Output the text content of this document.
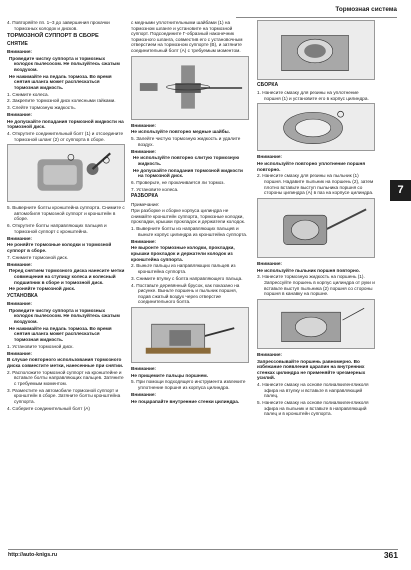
Тормозная система

4. Повторяйте пп. 1–3 до завершения прокачки тормозных колодок и дисков.

ТОРМОЗНОЙ СУППОРТ В СБОРЕ

СНЯТИЕ

Внимание:

Проведите чистку суппорта и тормозных колодок пылесосом. Не пользуйтесь сжатым воздухом.

Не нажимайте на педаль тормоза. Во время снятия шланга может расплескаться тормозная жидкость.

1. Снимите колеса.

2. Закрепите тормозной диск колесными гайками.

3. Слейте тормозную жидкость.

Внимание:

Не допускайте попадания тормозной жидкости на тормозной диск.

4. Открутите соединительный болт (1) и отсоедините тормозной шланг (2) от суппорта в сборе.

5. Выверните болты кронштейна суппорта. Снимите с автомобиля тормозной суппорт и кронштейн в сборе.

6. Открутите болты направляющих пальцев и тормозной суппорт с кронштейна.

Внимание:

Не роняйте тормозные колодки и тормозной суппорт в сборе.

7. Снимите тормозной диск.

Внимание:

Перед снятием тормозного диска нанесите метки совмещения на ступицу колеса и колесный подшипник в сборе и тормозной диск.

Не роняйте тормозной диск.

УСТАНОВКА

Внимание:

Проведите чистку суппорта и тормозных колодок пылесосом. Не пользуйтесь сжатым воздухом.

Не нажимайте на педаль тормоза. Во время снятия шланга может расплескаться тормозная жидкость.

1. Установите тормозной диск.

Внимание:

В случае повторного использования тормозного диска совместите метки, нанесенные при снятии.

2. Расположите тормозной суппорт на кронштейне и вставьте болты направляющих пальцев. Затяните с требуемым моментом.

3. Разместите на автомобиле тормозной суппорт и кронштейн в сборе. Затяните болты кронштейна суппорта.

4. Соберите соединительный болт (А)

с медными уплотнительными шайбами (1) на тормозном шланге и установите на тормозной суппорт. Подсоедините Г-образный наконечник тормозного шланга, совместив его с установочным отверстием на тормозном суппорте (В), и затяните соединительный болт (А) с требуемым моментом.

Внимание:

Не используйте повторно медные шайбы.

5. Залейте чистую тормозную жидкость и удалите воздух.

Внимание:

Не используйте повторно слитую тормозную жидкость.

Не допускайте попадания тормозной жидкости на тормозной диск.

6. Проверьте, не прокачивается ли тормоз.

7. Установите колеса.

РАЗБОРКА

Примечание:

При разборке и сборке корпуса цилиндра не снимайте кронштейн суппорта, тормозные колодки, прокладки, крышки прокладок и держатели колодок.

1. Выверните болты из направляющих пальцев и выньте корпус цилиндра из кронштейна суппорта.

Внимание:

Не выронте тормозные колодки, прокладки, крышки прокладок и держатели колодок из кронштейна суппорта.

2. Выньте пальцы из направляющих пальцев из кронштейна суппорта.

3. Снимите втулку с болта направляющего пальца.

4. Поставьте деревянный брусок, как показано на рисунке. Выньте поршень и пыльник поршня, подав сжатый воздух через отверстие соединительного болта.

Внимание:

Не прищемите пальцы поршнем.

5. При помощи подходящего инструмента извлеките уплотнение поршня из корпуса цилиндра.

Внимание:

Не поцарапайте внутренние стенки цилиндра.

СБОРКА

1. Нанесите смазку для резины на уплотнение поршня (1) и установите его в корпус цилиндра.

Внимание:

Не используйте повторно уплотнение поршня повторно.

2. Нанесите смазку для резины на пыльник (1) поршня. Надавите пыльник на поршень (2), затем плотно вставьте выступ пыльника поршня со стороны цилиндра (А) в паз на корпусе цилиндра.

Внимание:

Не используйте пыльник поршня повторно.

3. Нанесите тормозную жидкость на поршень (1). Запрессуйте поршень в корпус цилиндра от руки и вставьте выступ пыльника (2) поршня со стороны поршня в канавку на поршне.

Внимание:

Запрессовывайте поршень равномерно. Во избежание появления царапин на внутренних стенках цилиндра не применяйте чрезмерных усилий.

4. Нанесите смазку на основе полиалкиленгликоля эфира на втулку и вставьте в направляющий палец.

5. Нанесите смазку на основе полиалкиленгликоля эфира на пыльник и вставьте в направляющий палец и в кронштейн суппорта.

7
http://auto-knigs.ru	361
